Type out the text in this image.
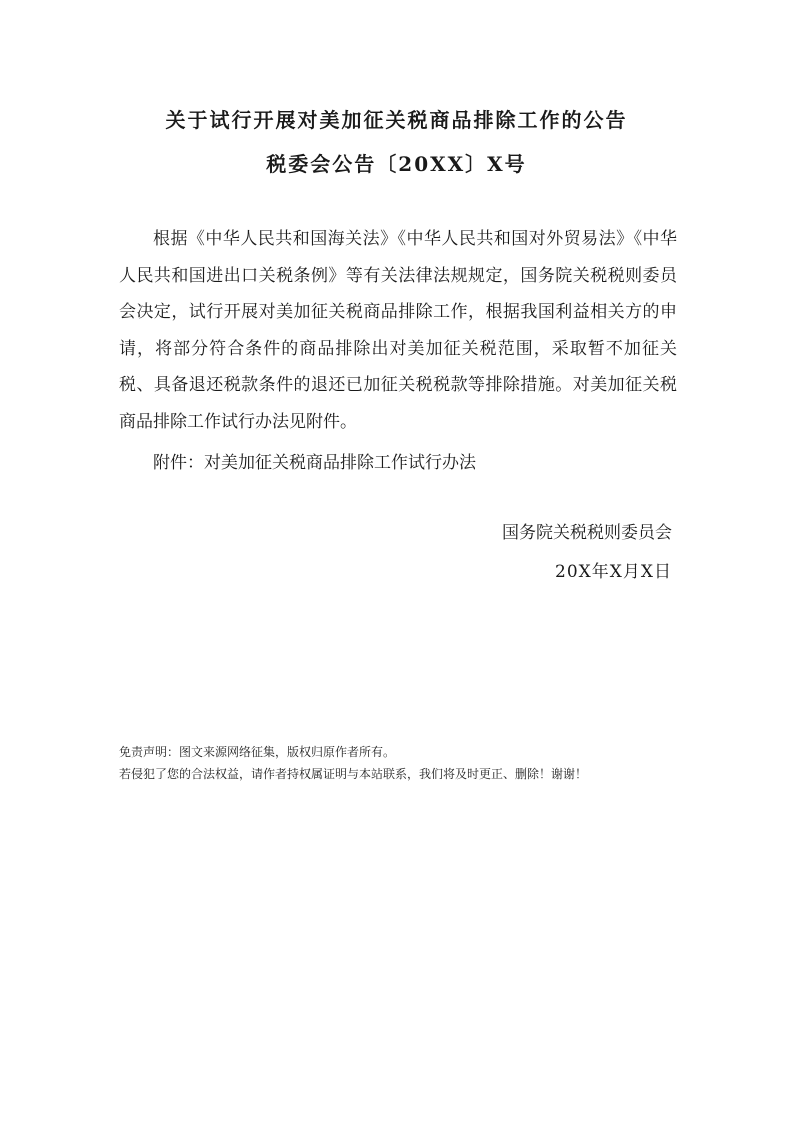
关于试行开展对美加征关税商品排除工作的公告
税委会公告〔20XX〕X号

根据《中华人民共和国海关法》《中华人民共和国对外贸易法》《中华人民共和国进出口关税条例》等有关法律法规规定，国务院关税税则委员会决定，试行开展对美加征关税商品排除工作，根据我国利益相关方的申请，将部分符合条件的商品排除出对美加征关税范围，采取暂不加征关税、具备退还税款条件的退还已加征关税税款等排除措施。对美加征关税商品排除工作试行办法见附件。

附件：对美加征关税商品排除工作试行办法

国务院关税税则委员会

20X年X月X日

免责声明：图文来源网络征集，版权归原作者所有。

若侵犯了您的合法权益，请作者持权属证明与本站联系，我们将及时更正、删除！谢谢！
